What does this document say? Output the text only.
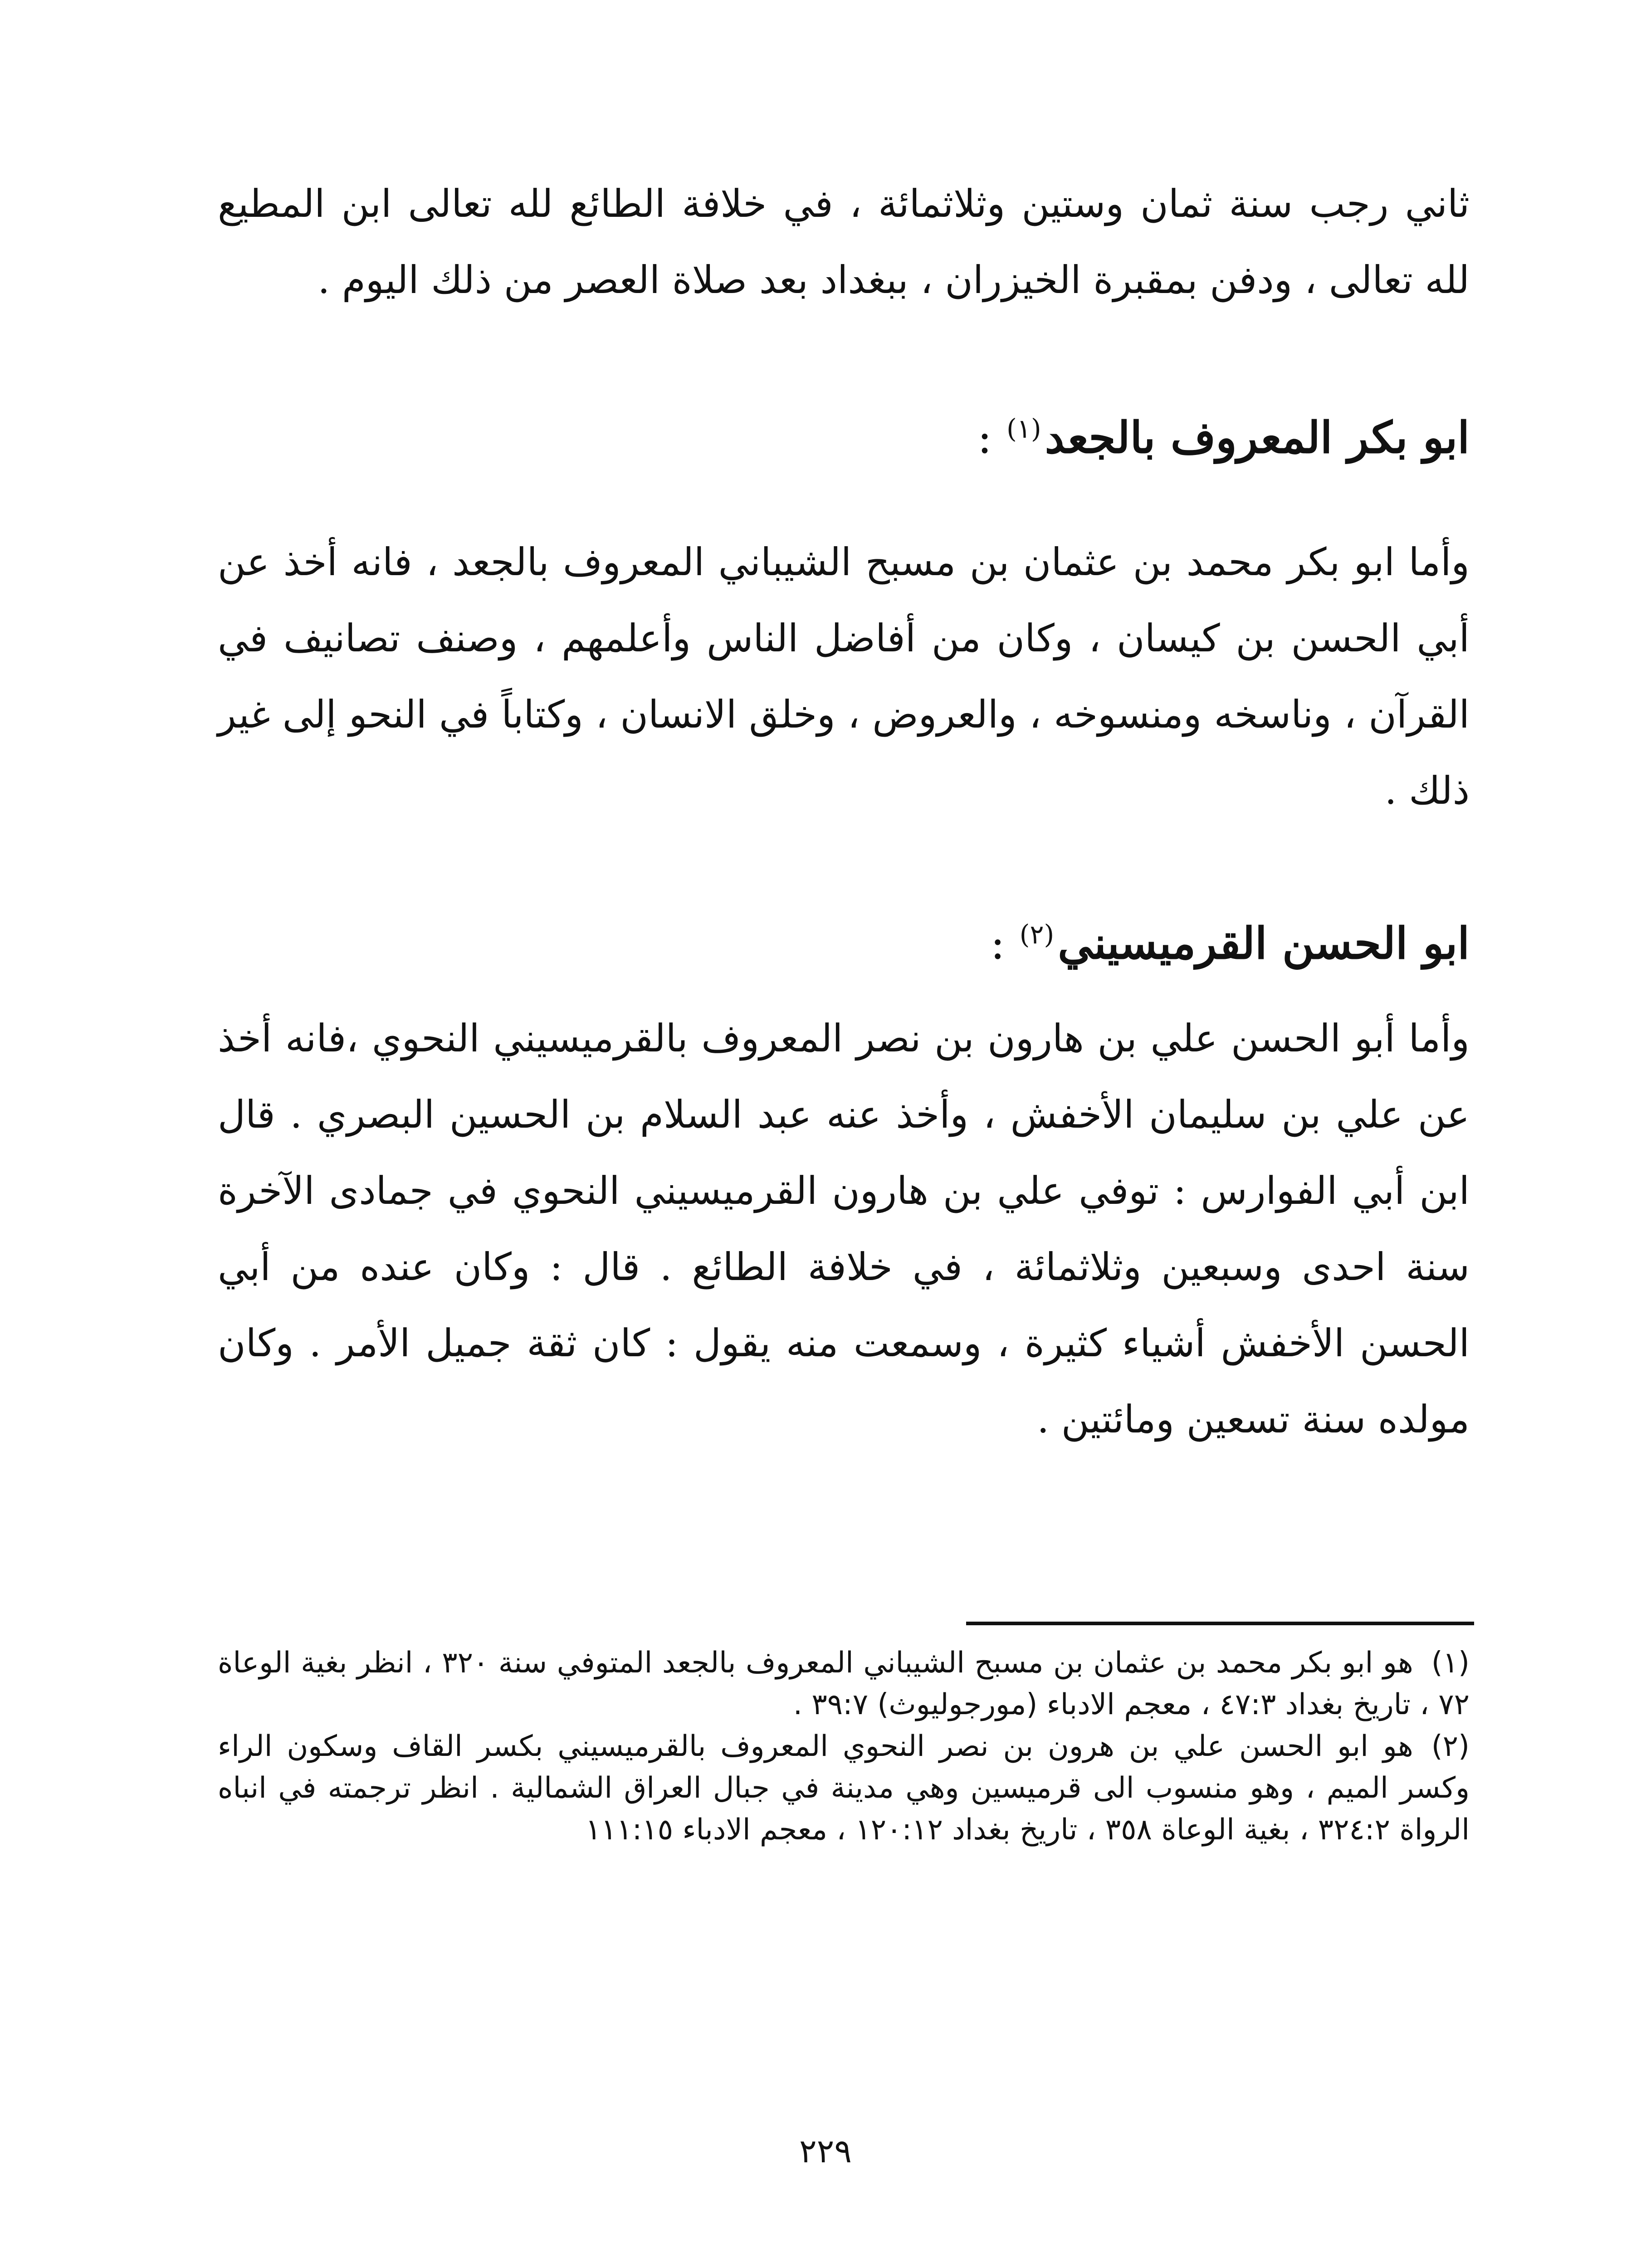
ثاني رجب سنة ثمان وستين وثلاثمائة ، في خلافة الطائع لله تعالى ابن المطيع لله تعالى ، ودفن بمقبرة الخيزران ، ببغداد بعد صلاة العصر من ذلك اليوم .

ابو بكر المعروف بالجعد$^{(١)}$:

وأما ابو بكر محمد بن عثمان بن مسبح الشيباني المعروف بالجعد ، فانه أخذ عن أبي الحسن بن كيسان ، وكان من أفاضل الناس وأعلمهم ، وصنف تصانيف في القرآن ، وناسخه ومنسوخه ، والعروض ، وخلق الانسان ، وكتاباً في النحو إلى غير ذلك .

ابو الحسن القرميسيني$^{(٢)}$:

وأما أبو الحسن علي بن هارون بن نصر المعروف بالقرميسيني النحوي ،فانه أخذ عن علي بن سليمان الأخفش ، وأخذ عنه عبد السلام بن الحسين البصري . قال ابن أبي الفوارس : توفي علي بن هارون القرميسيني النحوي في جمادى الآخرة سنة احدى وسبعين وثلاثمائة ، في خلافة الطائع . قال : وكان عنده من أبي الحسن الأخفش أشياء كثيرة ، وسمعت منه يقول : كان ثقة جميل الأمر . وكان مولده سنة تسعين ومائتين .

(١)هو ابو بكر محمد بن عثمان بن مسبح الشيباني المعروف بالجعد المتوفي سنة ٣٢٠ ، انظر بغية الوعاة ٧٢ ، تاريخ بغداد ٤٧:٣ ، معجم الادباء (مورجوليوث) ٣٩:٧ .

(٢)هو ابو الحسن علي بن هرون بن نصر النحوي المعروف بالقرميسيني بكسر القاف وسكون الراء وكسر الميم ، وهو منسوب الى قرميسين وهي مدينة في جبال العراق الشمالية . انظر ترجمته في انباه الرواة ٣٢٤:٢ ، بغية الوعاة ٣٥٨ ، تاريخ بغداد ١٢٠:١٢ ، معجم الادباء ١١١:١٥

٢٢٩
